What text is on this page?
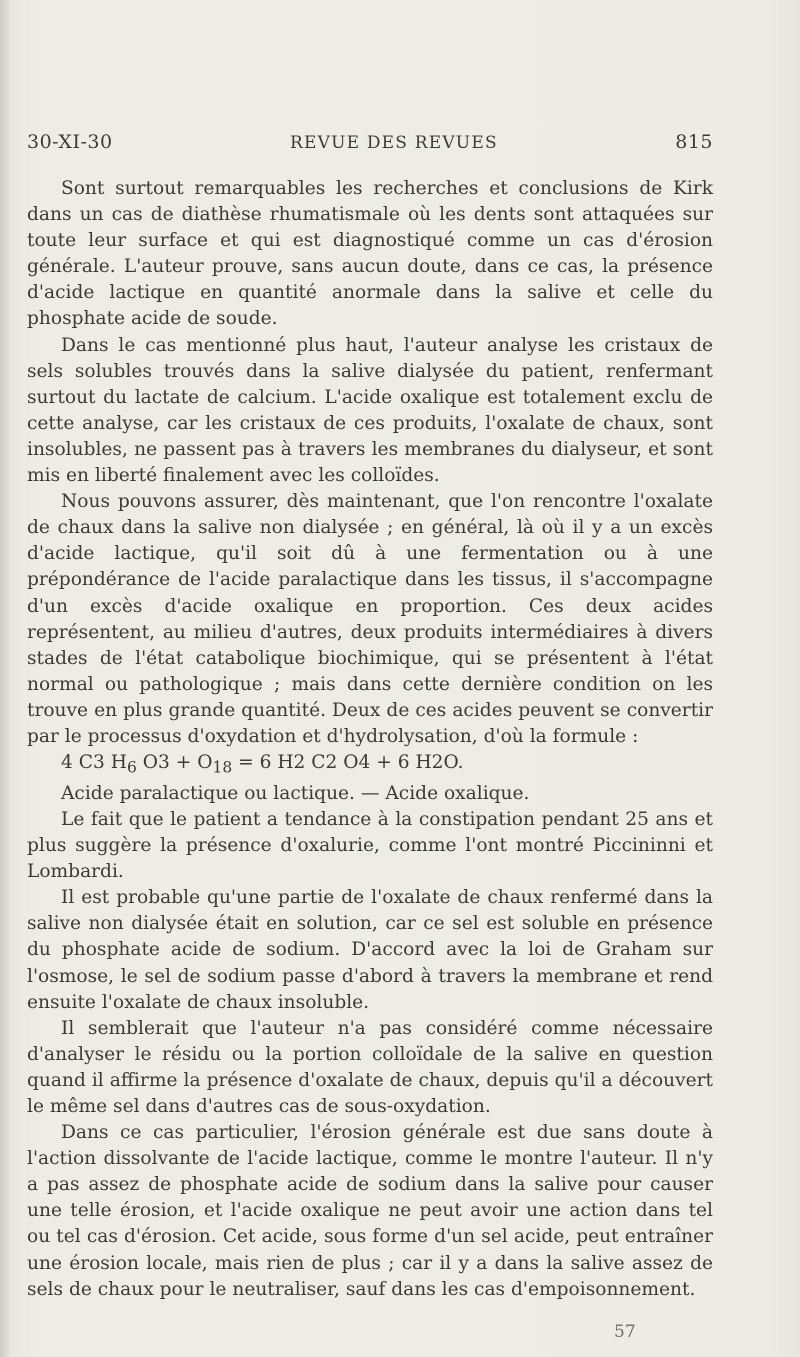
30-XI-30	REVUE DES REVUES	815

Sont surtout remarquables les recherches et conclusions de Kirk dans un cas de diathèse rhumatismale où les dents sont attaquées sur toute leur surface et qui est diagnostiqué comme un cas d'érosion générale. L'auteur prouve, sans aucun doute, dans ce cas, la présence d'acide lactique en quantité anormale dans la salive et celle du phosphate acide de soude.

Dans le cas mentionné plus haut, l'auteur analyse les cristaux de sels solubles trouvés dans la salive dialysée du patient, renfermant surtout du lactate de calcium. L'acide oxalique est totalement exclu de cette analyse, car les cristaux de ces produits, l'oxalate de chaux, sont insolubles, ne passent pas à travers les membranes du dialyseur, et sont mis en liberté finalement avec les colloïdes.

Nous pouvons assurer, dès maintenant, que l'on rencontre l'oxalate de chaux dans la salive non dialysée ; en général, là où il y a un excès d'acide lactique, qu'il soit dû à une fermentation ou à une prépondérance de l'acide paralactique dans les tissus, il s'accompagne d'un excès d'acide oxalique en proportion. Ces deux acides représentent, au milieu d'autres, deux produits intermédiaires à divers stades de l'état catabolique biochimique, qui se présentent à l'état normal ou pathologique ; mais dans cette dernière condition on les trouve en plus grande quantité. Deux de ces acides peuvent se convertir par le processus d'oxydation et d'hydrolysation, d'où la formule :

4 C3 $H_6$ $O3 + O_{18} = 6$ H2 C2 O4 + 6 H2O.
Acide paralactique ou lactique. — Acide oxalique.

Le fait que le patient a tendance à la constipation pendant 25 ans et plus suggère la présence d'oxalurie, comme l'ont montré Piccininni et Lombardi.

Il est probable qu'une partie de l'oxalate de chaux renfermé dans la salive non dialysée était en solution, car ce sel est soluble en présence du phosphate acide de sodium. D'accord avec la loi de Graham sur l'osmose, le sel de sodium passe d'abord à travers la membrane et rend ensuite l'oxalate de chaux insoluble.

Il semblerait que l'auteur n'a pas considéré comme nécessaire d'analyser le résidu ou la portion colloïdale de la salive en question quand il affirme la présence d'oxalate de chaux, depuis qu'il a découvert le même sel dans d'autres cas de sous-oxydation.

Dans ce cas particulier, l'érosion générale est due sans doute à l'action dissolvante de l'acide lactique, comme le montre l'auteur. Il n'y a pas assez de phosphate acide de sodium dans la salive pour causer une telle érosion, et l'acide oxalique ne peut avoir une action dans tel ou tel cas d'érosion. Cet acide, sous forme d'un sel acide, peut entraîner une érosion locale, mais rien de plus ; car il y a dans la salive assez de sels de chaux pour le neutraliser, sauf dans les cas d'empoisonnement.

57
